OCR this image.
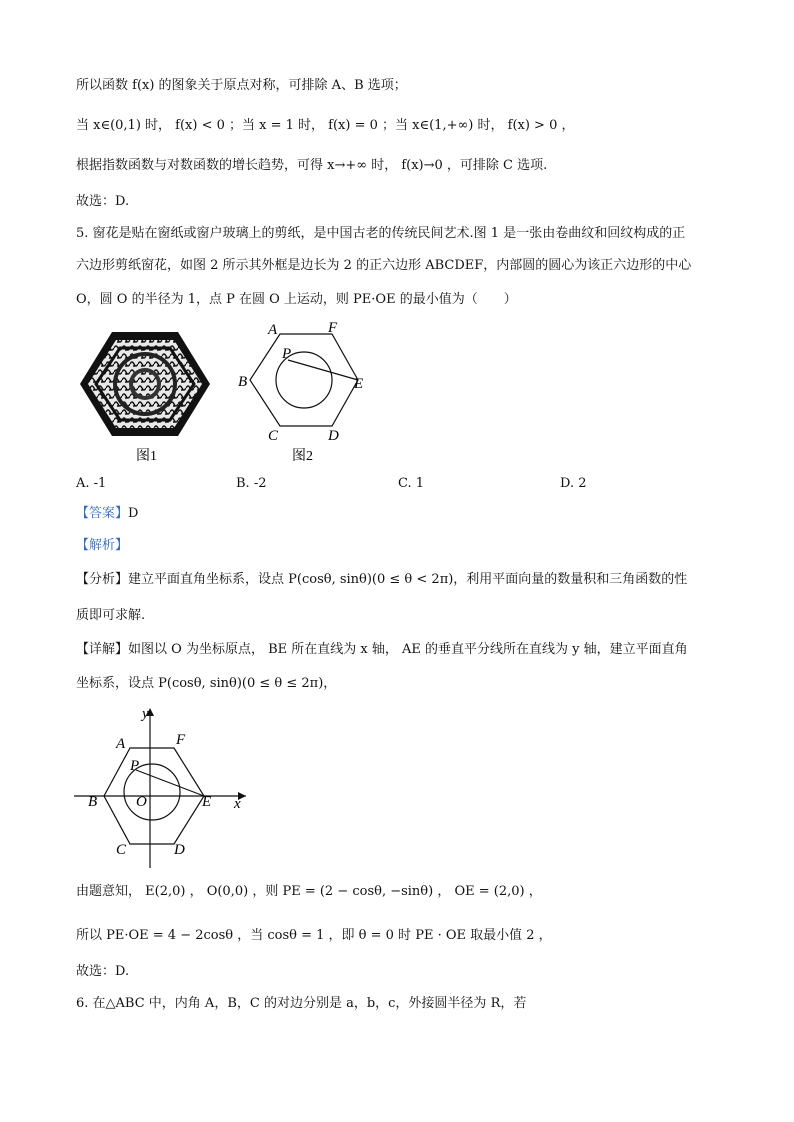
所以函数 f(x) 的图象关于原点对称，可排除 A、B 选项；
当 x∈(0,1) 时， f(x) < 0 ；当 x = 1 时， f(x) = 0 ；当 x∈(1,+∞) 时， f(x) > 0 ，
根据指数函数与对数函数的增长趋势，可得 x→+∞ 时， f(x)→0 ，可排除 C 选项.
故选：D.
5. 窗花是贴在窗纸或窗户玻璃上的剪纸，是中国古老的传统民间艺术.图 1 是一张由卷曲纹和回纹构成的正
六边形剪纸窗花，如图 2 所示其外框是边长为 2 的正六边形 ABCDEF，内部圆的圆心为该正六边形的中心
O，圆 O 的半径为 1，点 P 在圆 O 上运动，则 PE·OE 的最小值为（　　）
图1
A	F
P
B	E
C	D
图2
A. -1	B. -2	C. 1	D. 2
【答案】D
【解析】
【分析】建立平面直角坐标系，设点 P(cosθ, sinθ)(0 ≤ θ < 2π)，利用平面向量的数量积和三角函数的性
质即可求解.
【详解】如图以 O 为坐标原点， BE 所在直线为 x 轴， AE 的垂直平分线所在直线为 y 轴，建立平面直角
坐标系，设点 P(cosθ, sinθ)(0 ≤ θ ≤ 2π)，
y
x
A	F
P
B	O	E
C	D
由题意知， E(2,0) ， O(0,0) ，则 PE = (2 − cosθ, −sinθ) ， OE = (2,0) ，
所以 PE·OE = 4 − 2cosθ ，当 cosθ = 1 ，即 θ = 0 时 PE · OE 取最小值 2 ，
故选：D.
6. 在△ABC 中，内角 A，B，C 的对边分别是 a，b，c，外接圆半径为 R，若
